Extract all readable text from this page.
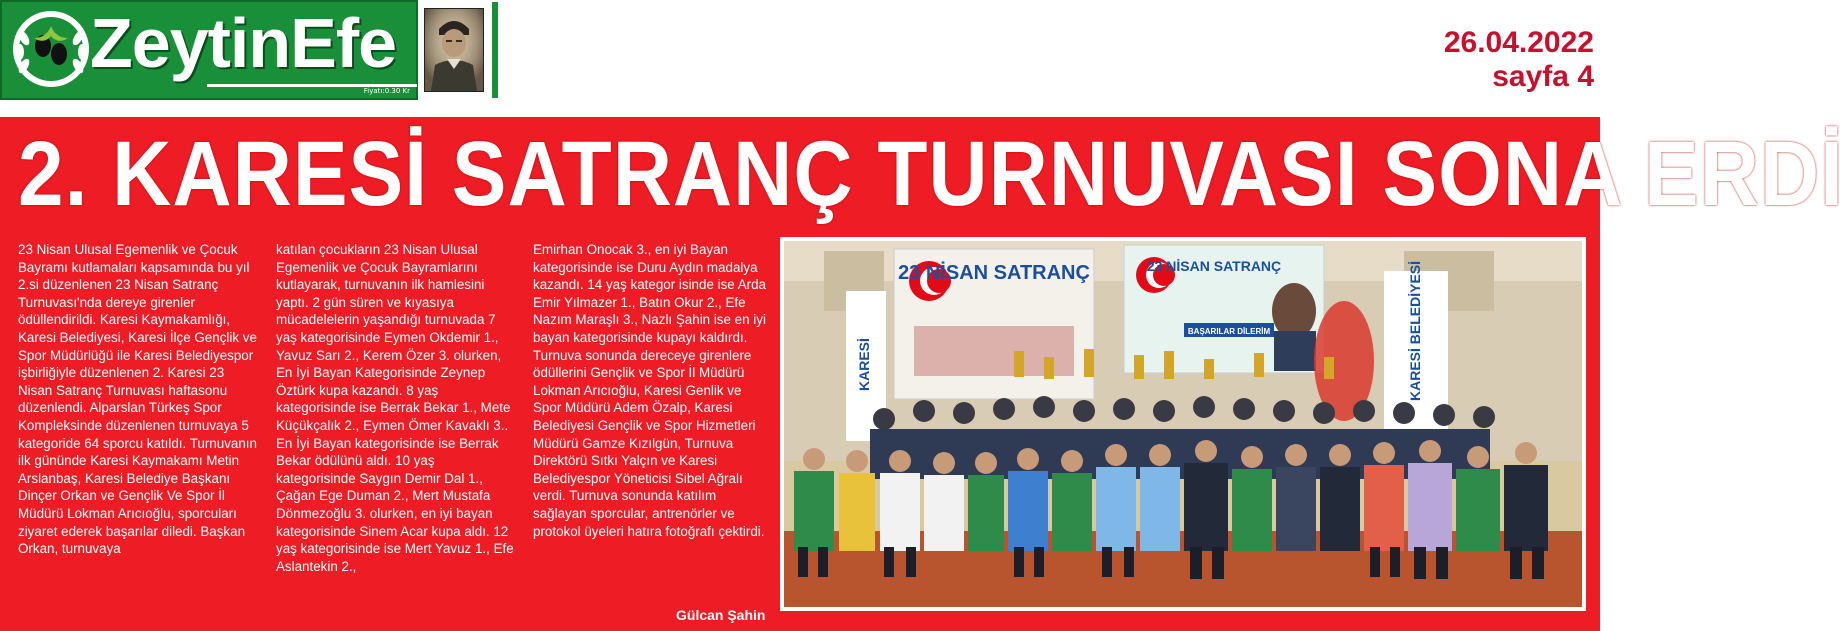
ZeytinEfe
Fiyatı:0.30 Kr
26.04.2022
sayfa 4
2. KARESİ SATRANÇ TURNUVASI SONA ERDİ
23 Nisan Ulusal Egemenlik ve Çocuk Bayramı kutlamaları kapsamında bu yıl 2.si düzenlenen 23 Nisan Satranç Turnuvası'nda dereye girenler ödüllendirildi. Karesi Kaymakamlığı, Karesi Belediyesi, Karesi İlçe Gençlik ve Spor Müdürlüğü ile Karesi Belediyespor işbirliğiyle düzenlenen 2. Karesi 23 Nisan Satranç Turnuvası haftasonu düzenlendi. Alparslan Türkeş Spor Kompleksinde düzenlenen turnuvaya 5 kategoride 64 sporcu katıldı. Turnuvanın ilk gününde Karesi Kaymakamı Metin Arslanbaş, Karesi Belediye Başkanı Dinçer Orkan ve Gençlik Ve Spor İl Müdürü Lokman Arıcıoğlu, sporcuları ziyaret ederek başarılar diledi. Başkan Orkan, turnuvaya
katılan çocukların 23 Nisan Ulusal Egemenlik ve Çocuk Bayramlarını kutlayarak, turnuvanın ilk hamlesini yaptı. 2 gün süren ve kıyasıya mücadelelerin yaşandığı turnuvada 7 yaş kategorisinde Eymen Okdemir 1., Yavuz Sarı 2., Kerem Özer 3. olurken, En İyi Bayan Kategorisinde Zeynep Öztürk kupa kazandı. 8 yaş kategorisinde ise Berrak Bekar 1., Mete Küçükçalık 2., Eymen Ömer Kavaklı 3.. En İyi Bayan kategorisinde ise Berrak Bekar ödülünü aldı. 10 yaş kategorisinde Saygın Demir Dal 1., Çağan Ege Duman 2., Mert Mustafa Dönmezoğlu 3. olurken, en iyi bayan kategorisinde Sinem Acar kupa aldı. 12 yaş kategorisinde ise Mert Yavuz 1., Efe Aslantekin 2.,
Emirhan Onocak 3., en iyi Bayan kategorisinde ise Duru Aydın madalya kazandı. 14 yaş kategor isinde ise Arda Emir Yılmazer 1., Batın Okur 2., Efe Nazım Maraşlı 3., Nazlı Şahin ise en iyi bayan kategorisinde kupayı kaldırdı. Turnuva sonunda dereceye girenlere ödüllerini Gençlik ve Spor İl Müdürü Lokman Arıcıoğlu, Karesi Genlik ve Spor Müdürü Adem Özalp, Karesi Belediyesi Gençlik ve Spor Hizmetleri Müdürü Gamze Kızılgün, Turnuva Direktörü Sıtkı Yalçın ve Karesi Belediyespor Yöneticisi Sibel Ağralı verdi. Turnuva sonunda katılım sağlayan sporcular, antrenörler ve protokol üyeleri hatıra fotoğrafı çektirdi.
23 NİSAN SATRANÇ	23 NİSAN SATRANÇ
BAŞARILAR DİLERİM
KARESİ	KARESİ BELEDİYESİ
Gülcan Şahin
